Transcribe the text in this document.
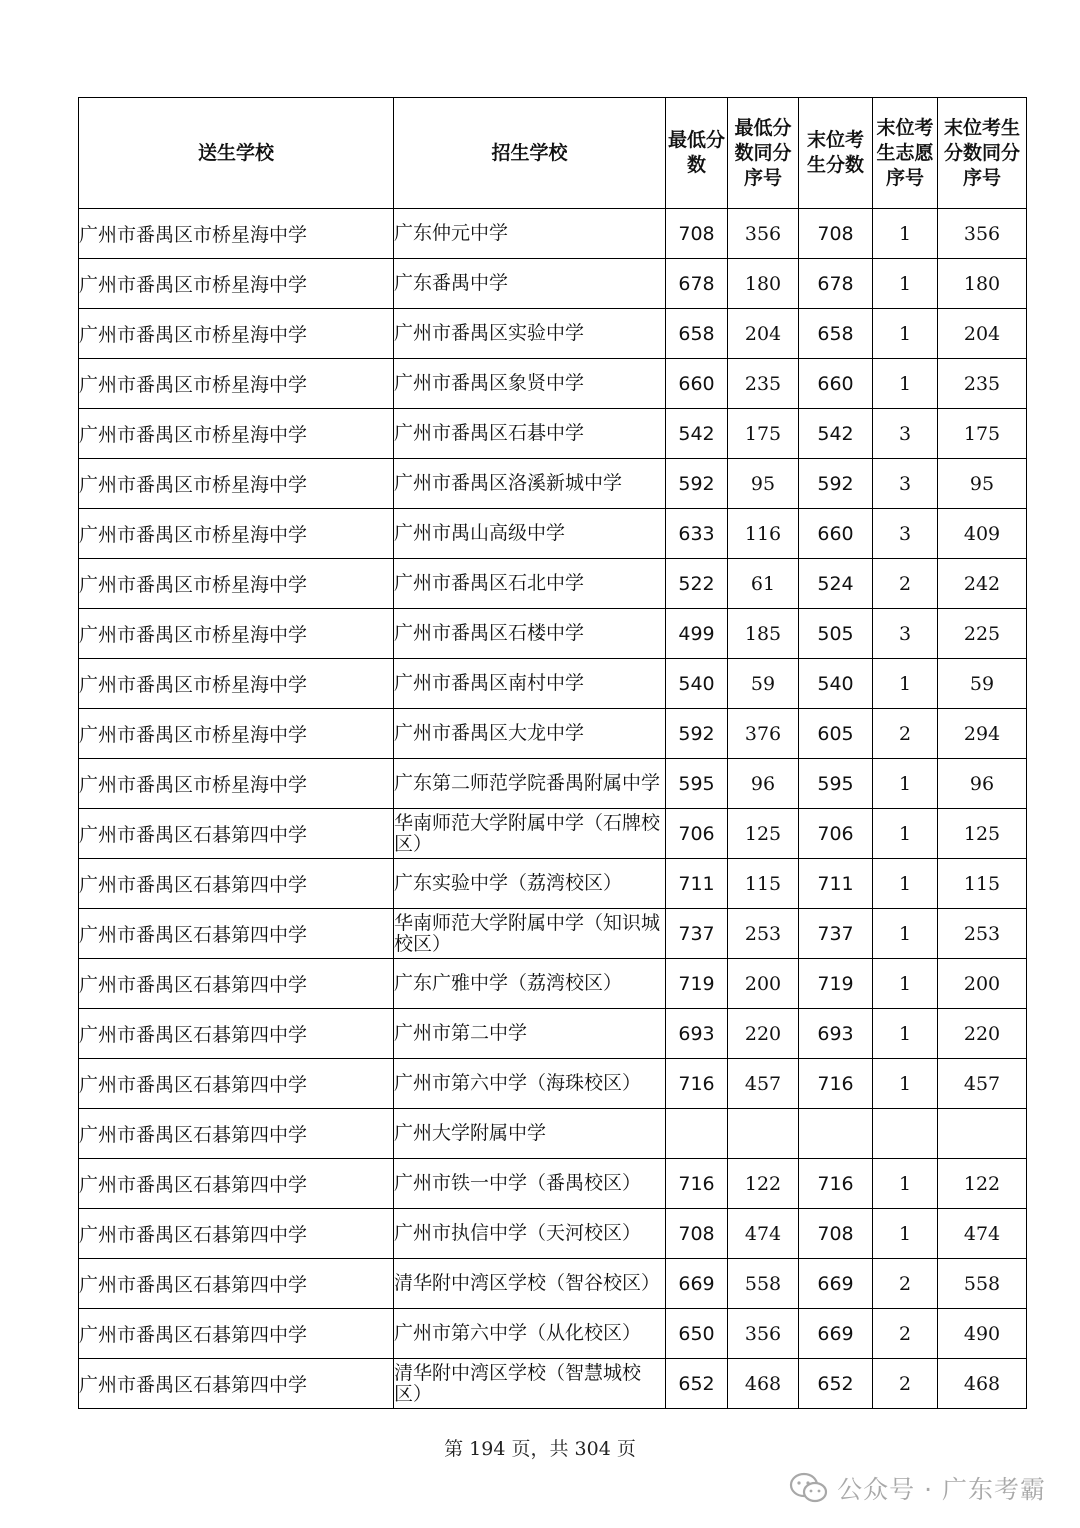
送生学校	招生学校	最低分数	最低分数同分序号	末位考生分数	末位考生志愿序号	末位考生分数同分序号
广州市番禺区市桥星海中学	广东仲元中学	708	356	708	1	356
广州市番禺区市桥星海中学	广东番禺中学	678	180	678	1	180
广州市番禺区市桥星海中学	广州市番禺区实验中学	658	204	658	1	204
广州市番禺区市桥星海中学	广州市番禺区象贤中学	660	235	660	1	235
广州市番禺区市桥星海中学	广州市番禺区石碁中学	542	175	542	3	175
广州市番禺区市桥星海中学	广州市番禺区洛溪新城中学	592	95	592	3	95
广州市番禺区市桥星海中学	广州市禺山高级中学	633	116	660	3	409
广州市番禺区市桥星海中学	广州市番禺区石北中学	522	61	524	2	242
广州市番禺区市桥星海中学	广州市番禺区石楼中学	499	185	505	3	225
广州市番禺区市桥星海中学	广州市番禺区南村中学	540	59	540	1	59
广州市番禺区市桥星海中学	广州市番禺区大龙中学	592	376	605	2	294
广州市番禺区市桥星海中学	广东第二师范学院番禺附属中学	595	96	595	1	96
广州市番禺区石碁第四中学	华南师范大学附属中学（石牌校区）	706	125	706	1	125
广州市番禺区石碁第四中学	广东实验中学（荔湾校区）	711	115	711	1	115
广州市番禺区石碁第四中学	华南师范大学附属中学（知识城校区）	737	253	737	1	253
广州市番禺区石碁第四中学	广东广雅中学（荔湾校区）	719	200	719	1	200
广州市番禺区石碁第四中学	广州市第二中学	693	220	693	1	220
广州市番禺区石碁第四中学	广州市第六中学（海珠校区）	716	457	716	1	457
广州市番禺区石碁第四中学	广州大学附属中学					
广州市番禺区石碁第四中学	广州市铁一中学（番禺校区）	716	122	716	1	122
广州市番禺区石碁第四中学	广州市执信中学（天河校区）	708	474	708	1	474
广州市番禺区石碁第四中学	清华附中湾区学校（智谷校区）	669	558	669	2	558
广州市番禺区石碁第四中学	广州市第六中学（从化校区）	650	356	669	2	490
广州市番禺区石碁第四中学	清华附中湾区学校（智慧城校区）	652	468	652	2	468
第 194 页，共 304 页
公众号 · 广东考霸
